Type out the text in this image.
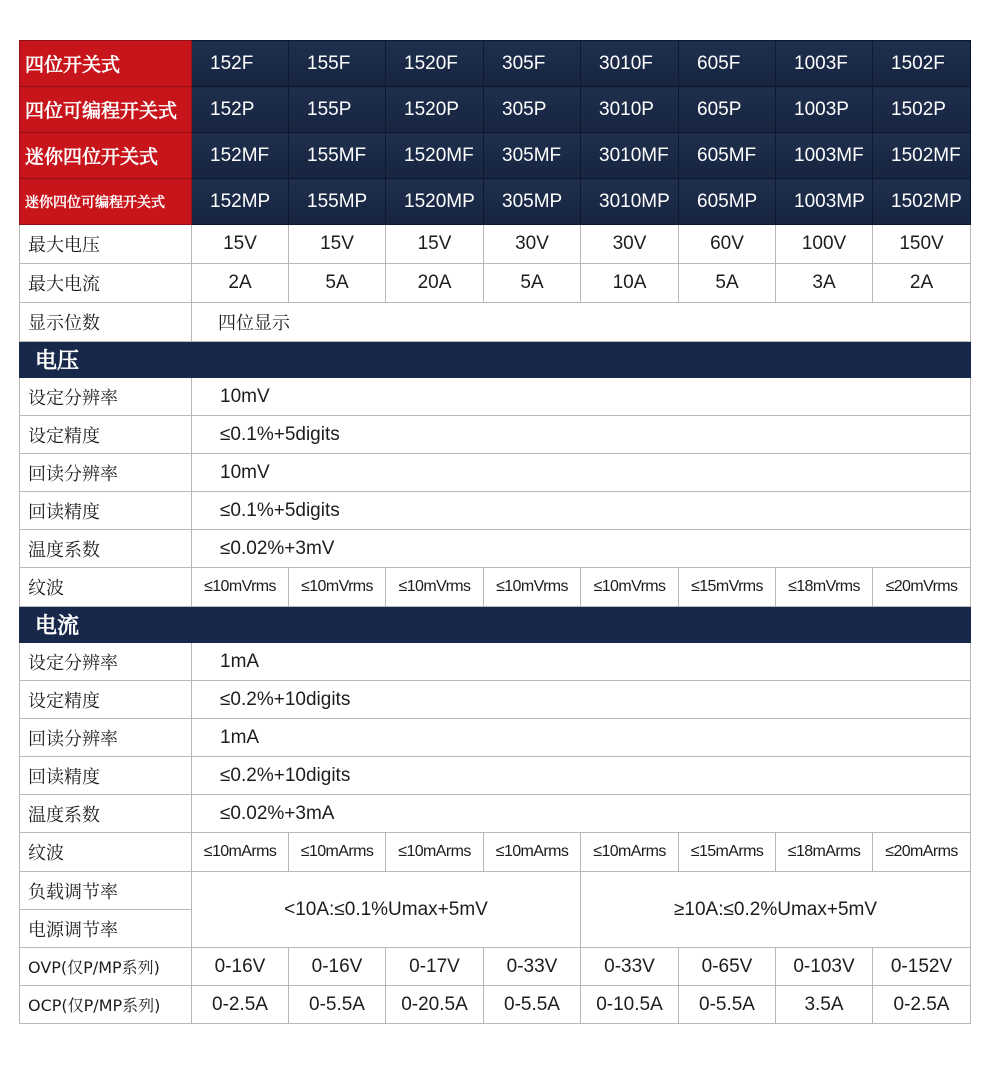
四位开关式	152F	155F	1520F	305F	3010F	605F	1003F	1502F
四位可编程开关式	152P	155P	1520P	305P	3010P	605P	1003P	1502P
迷你四位开关式	152MF	155MF	1520MF	305MF	3010MF	605MF	1003MF	1502MF
迷你四位可编程开关式	152MP	155MP	1520MP	305MP	3010MP	605MP	1003MP	1502MP
最大电压	15V	15V	15V	30V	30V	60V	100V	150V
最大电流	2A	5A	20A	5A	10A	5A	3A	2A
显示位数	四位显示							
电压								
设定分辨率	10mV							
设定精度	≤0.1%+5digits							
回读分辨率	10mV							
回读精度	≤0.1%+5digits							
温度系数	≤0.02%+3mV							
纹波	≤10mVrms	≤10mVrms	≤10mVrms	≤10mVrms	≤10mVrms	≤15mVrms	≤18mVrms	≤20mVrms
电流								
设定分辨率	1mA							
设定精度	≤0.2%+10digits							
回读分辨率	1mA							
回读精度	≤0.2%+10digits							
温度系数	≤0.02%+3mA							
纹波	≤10mArms	≤10mArms	≤10mArms	≤10mArms	≤10mArms	≤15mArms	≤18mArms	≤20mArms
负载调节率	<10A:≤0.1%Umax+5mV				≥10A:≤0.2%Umax+5mV			
电源调节率								
OVP(仅P/MP系列)	0-16V	0-16V	0-17V	0-33V	0-33V	0-65V	0-103V	0-152V
OCP(仅P/MP系列)	0-2.5A	0-5.5A	0-20.5A	0-5.5A	0-10.5A	0-5.5A	3.5A	0-2.5A
